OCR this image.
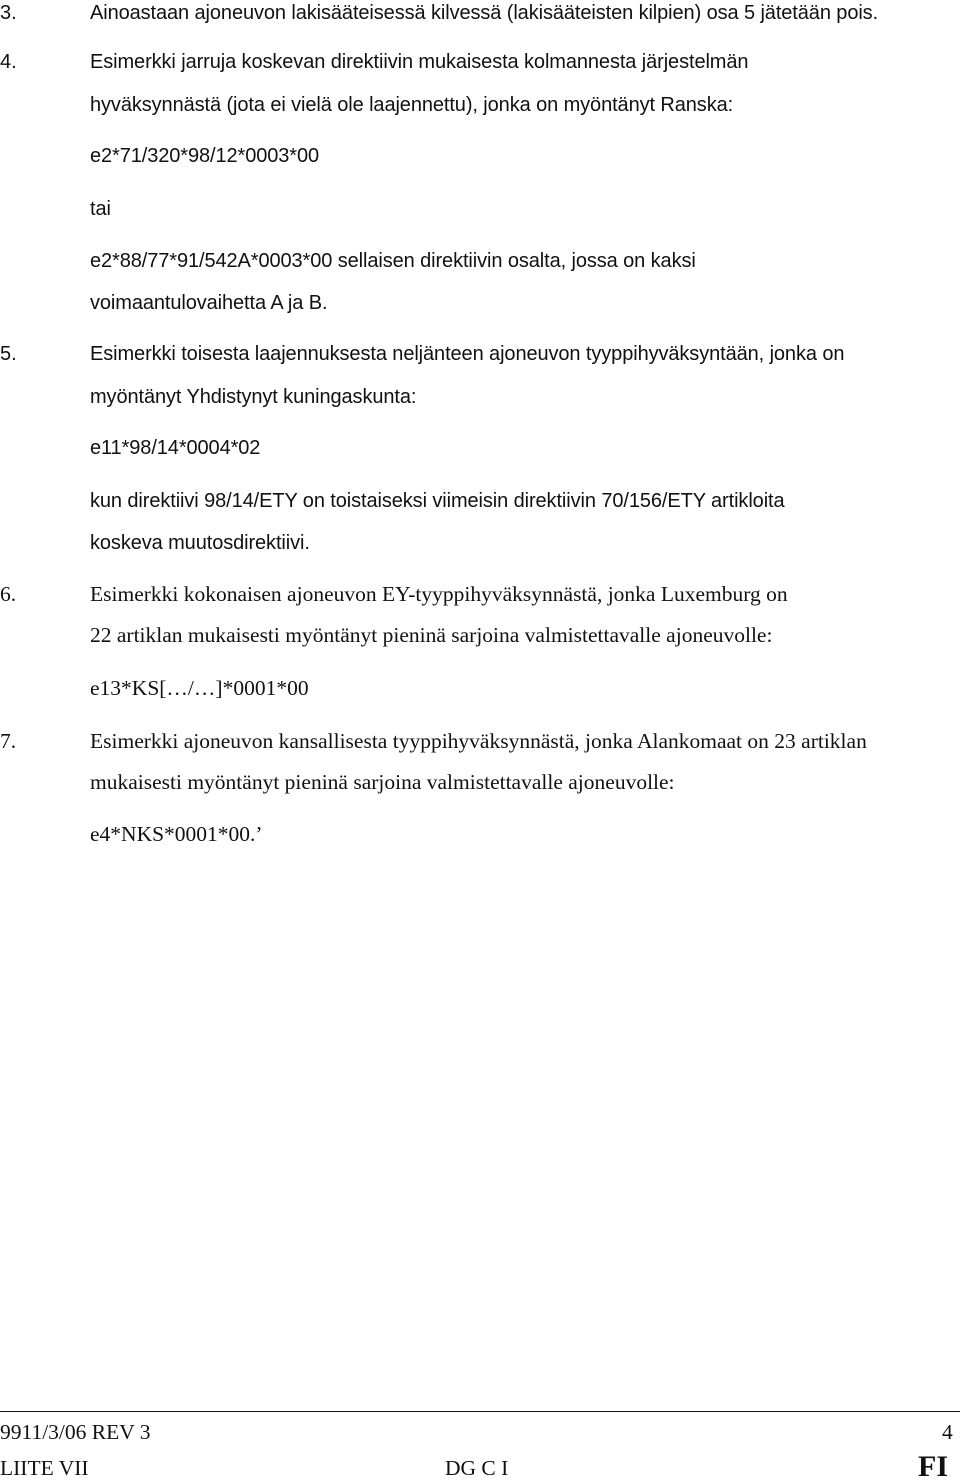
3.	Ainoastaan ajoneuvon lakisääteisessä kilvessä (lakisääteisten kilpien) osa 5 jätetään pois.
4.	Esimerkki jarruja koskevan direktiivin mukaisesta kolmannesta järjestelmän
hyväksynnästä (jota ei vielä ole laajennettu), jonka on myöntänyt Ranska:
e2*71/320*98/12*0003*00
tai
e2*88/77*91/542A*0003*00 sellaisen direktiivin osalta, jossa on kaksi
voimaantulovaihetta A ja B.
5.	Esimerkki toisesta laajennuksesta neljänteen ajoneuvon tyyppihyväksyntään, jonka on
myöntänyt Yhdistynyt kuningaskunta:
e11*98/14*0004*02
kun direktiivi 98/14/ETY on toistaiseksi viimeisin direktiivin 70/156/ETY artikloita
koskeva muutosdirektiivi.
6.	Esimerkki kokonaisen ajoneuvon EY-tyyppihyväksynnästä, jonka Luxemburg on
22 artiklan mukaisesti myöntänyt pieninä sarjoina valmistettavalle ajoneuvolle:
e13*KS[…/…]*0001*00
7.	Esimerkki ajoneuvon kansallisesta tyyppihyväksynnästä, jonka Alankomaat on 23 artiklan
mukaisesti myöntänyt pieninä sarjoina valmistettavalle ajoneuvolle:
e4*NKS*0001*00.’
9911/3/06 REV 3	4
LIITE VII	DG C I	FI
